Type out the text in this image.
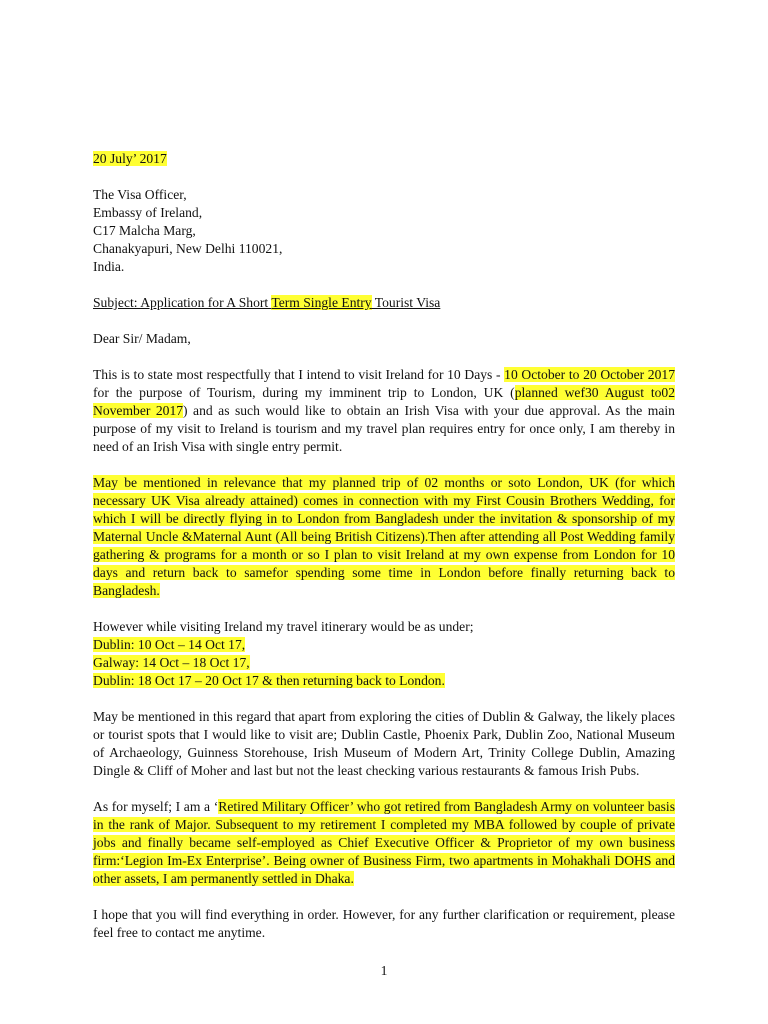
20 July’ 2017

The Visa Officer,

Embassy of Ireland,

C17 Malcha Marg,

Chanakyapuri, New Delhi 110021,

India.

Subject: Application for A Short Term Single Entry Tourist Visa

Dear Sir/ Madam,

This is to state most respectfully that I intend to visit Ireland for 10 Days - 10 October to 20 October 2017 for the purpose of Tourism, during my imminent trip to London, UK (planned wef30 August to02 November 2017) and as such would like to obtain an Irish Visa with your due approval. As the main purpose of my visit to Ireland is tourism and my travel plan requires entry for once only, I am thereby in need of an Irish Visa with single entry permit.

May be mentioned in relevance that my planned trip of 02 months or soto London, UK (for which necessary UK Visa already attained) comes in connection with my First Cousin Brothers Wedding, for which I will be directly flying in to London from Bangladesh under the invitation & sponsorship of my Maternal Uncle &Maternal Aunt (All being British Citizens).Then after attending all Post Wedding family gathering & programs for a month or so I plan to visit Ireland at my own expense from London for 10 days and return back to samefor spending some time in London before finally returning back to Bangladesh.

However while visiting Ireland my travel itinerary would be as under;

Dublin: 10 Oct – 14 Oct 17,

Galway: 14 Oct – 18 Oct 17,

Dublin: 18 Oct 17 – 20 Oct 17 & then returning back to London.

May be mentioned in this regard that apart from exploring the cities of Dublin & Galway, the likely places or tourist spots that I would like to visit are; Dublin Castle, Phoenix Park, Dublin Zoo, National Museum of Archaeology, Guinness Storehouse, Irish Museum of Modern Art, Trinity College Dublin, Amazing Dingle & Cliff of Moher and last but not the least checking various restaurants & famous Irish Pubs.

As for myself; I am a ‘Retired Military Officer’ who got retired from Bangladesh Army on volunteer basis in the rank of Major. Subsequent to my retirement I completed my MBA followed by couple of private jobs and finally became self-employed as Chief Executive Officer & Proprietor of my own business firm:‘Legion Im-Ex Enterprise’. Being owner of Business Firm, two apartments in Mohakhali DOHS and other assets, I am permanently settled in Dhaka.

I hope that you will find everything in order. However, for any further clarification or requirement, please feel free to contact me anytime.

1
